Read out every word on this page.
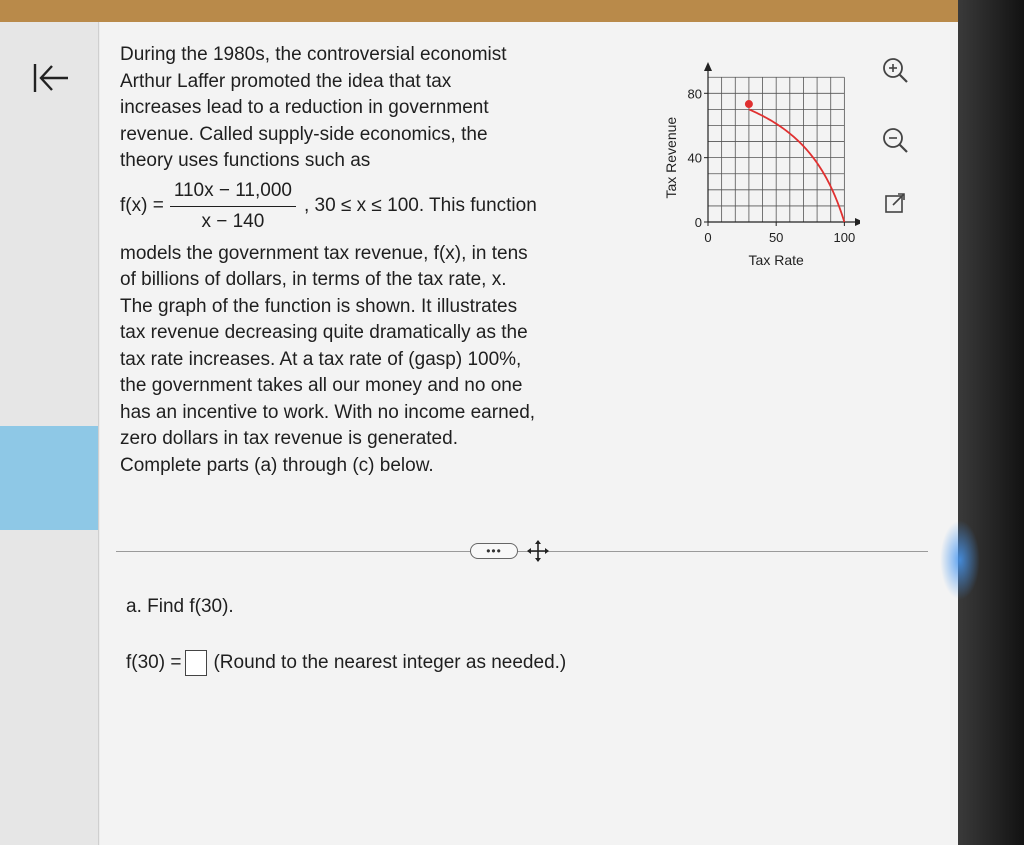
During the 1980s, the controversial economist

Arthur Laffer promoted the idea that tax

increases lead to a reduction in government

revenue. Called supply-side economics, the

theory uses functions such as

$f(x) = \frac{110x - 11,000}{x - 140}$ , 30 ≤ x ≤ 100. This function

models the government tax revenue, f(x), in tens

of billions of dollars, in terms of the tax rate, x.

The graph of the function is shown. It illustrates

tax revenue decreasing quite dramatically as the

tax rate increases. At a tax rate of (gasp) 100%,

the government takes all our money and no one

has an incentive to work. With no income earned,

zero dollars in tax revenue is generated.

Complete parts (a) through (c) below.

0
40
80
0	50	100
Tax Rate
Tax Revenue
•••
a. Find f(30).
f(30) = (Round to the nearest integer as needed.)
